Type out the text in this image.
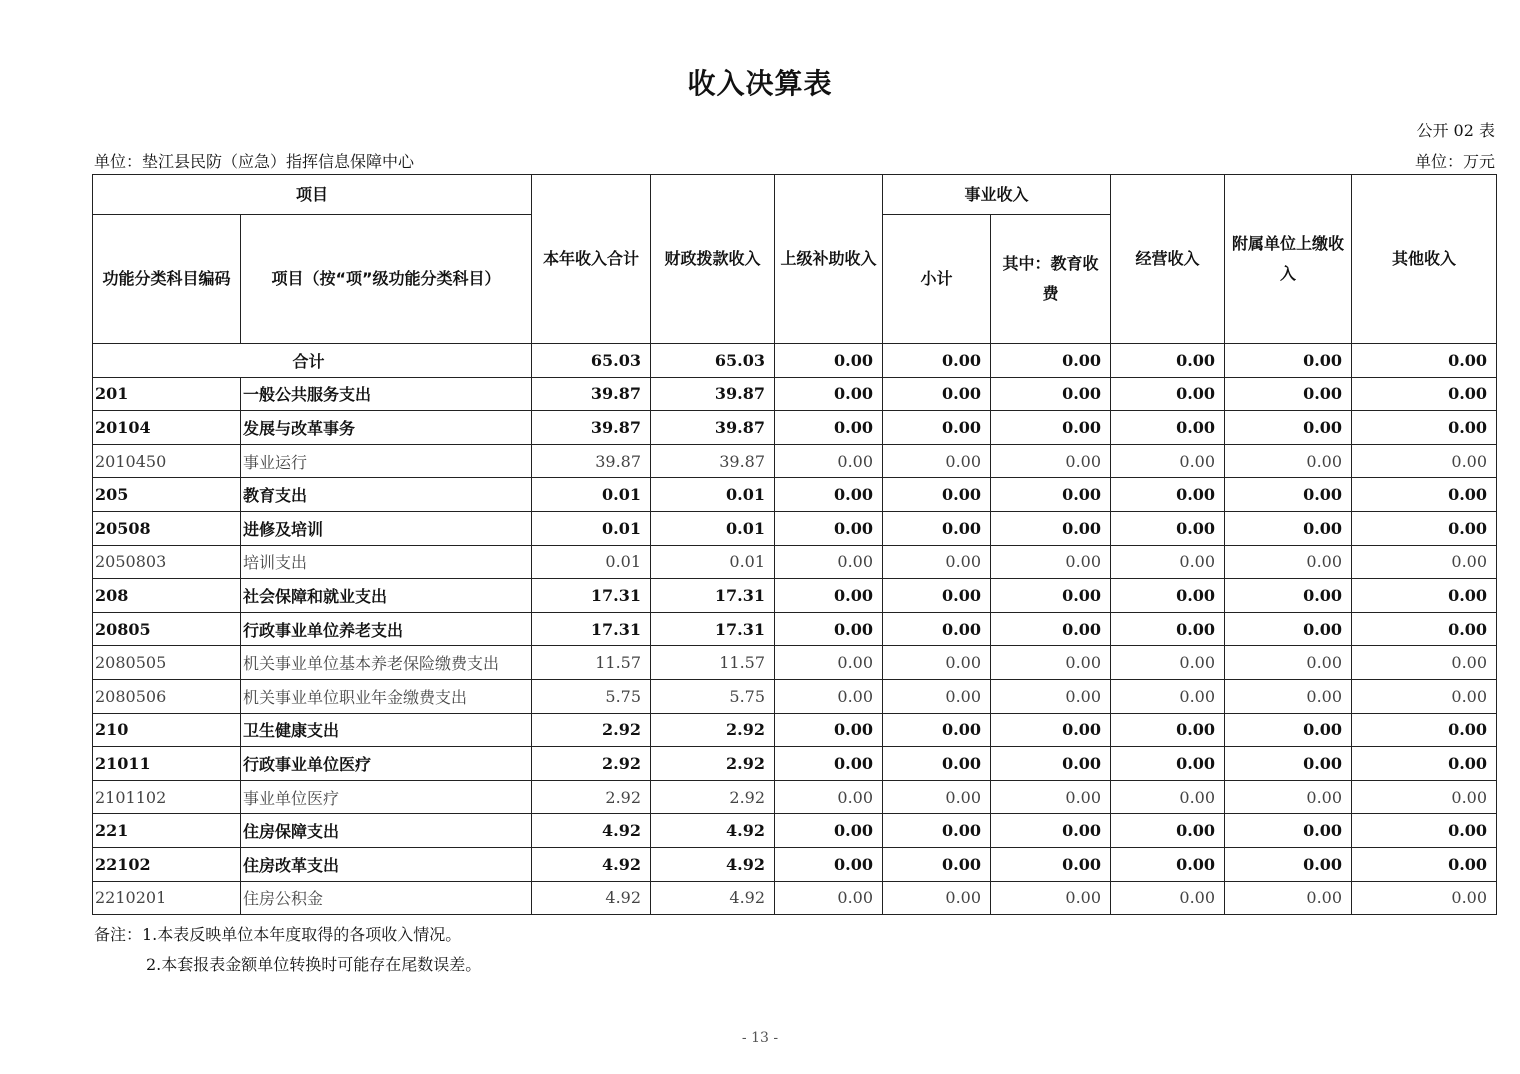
收入决算表
公开 02 表
单位：垫江县民防（应急）指挥信息保障中心	单位：万元
项目		本年收入合计	财政拨款收入	上级补助收入	事业收入		经营收入	附属单位上缴收入	其他收入
功能分类科目编码	项目（按“项”级功能分类科目）				小计	其中：教育收费			
合计		65.03	65.03	0.00	0.00	0.00	0.00	0.00	0.00
201	一般公共服务支出	39.87	39.87	0.00	0.00	0.00	0.00	0.00	0.00
20104	发展与改革事务	39.87	39.87	0.00	0.00	0.00	0.00	0.00	0.00
2010450	事业运行	39.87	39.87	0.00	0.00	0.00	0.00	0.00	0.00
205	教育支出	0.01	0.01	0.00	0.00	0.00	0.00	0.00	0.00
20508	进修及培训	0.01	0.01	0.00	0.00	0.00	0.00	0.00	0.00
2050803	培训支出	0.01	0.01	0.00	0.00	0.00	0.00	0.00	0.00
208	社会保障和就业支出	17.31	17.31	0.00	0.00	0.00	0.00	0.00	0.00
20805	行政事业单位养老支出	17.31	17.31	0.00	0.00	0.00	0.00	0.00	0.00
2080505	机关事业单位基本养老保险缴费支出	11.57	11.57	0.00	0.00	0.00	0.00	0.00	0.00
2080506	机关事业单位职业年金缴费支出	5.75	5.75	0.00	0.00	0.00	0.00	0.00	0.00
210	卫生健康支出	2.92	2.92	0.00	0.00	0.00	0.00	0.00	0.00
21011	行政事业单位医疗	2.92	2.92	0.00	0.00	0.00	0.00	0.00	0.00
2101102	事业单位医疗	2.92	2.92	0.00	0.00	0.00	0.00	0.00	0.00
221	住房保障支出	4.92	4.92	0.00	0.00	0.00	0.00	0.00	0.00
22102	住房改革支出	4.92	4.92	0.00	0.00	0.00	0.00	0.00	0.00
2210201	住房公积金	4.92	4.92	0.00	0.00	0.00	0.00	0.00	0.00
备注：1.本表反映单位本年度取得的各项收入情况。
2.本套报表金额单位转换时可能存在尾数误差。
- 13 -
